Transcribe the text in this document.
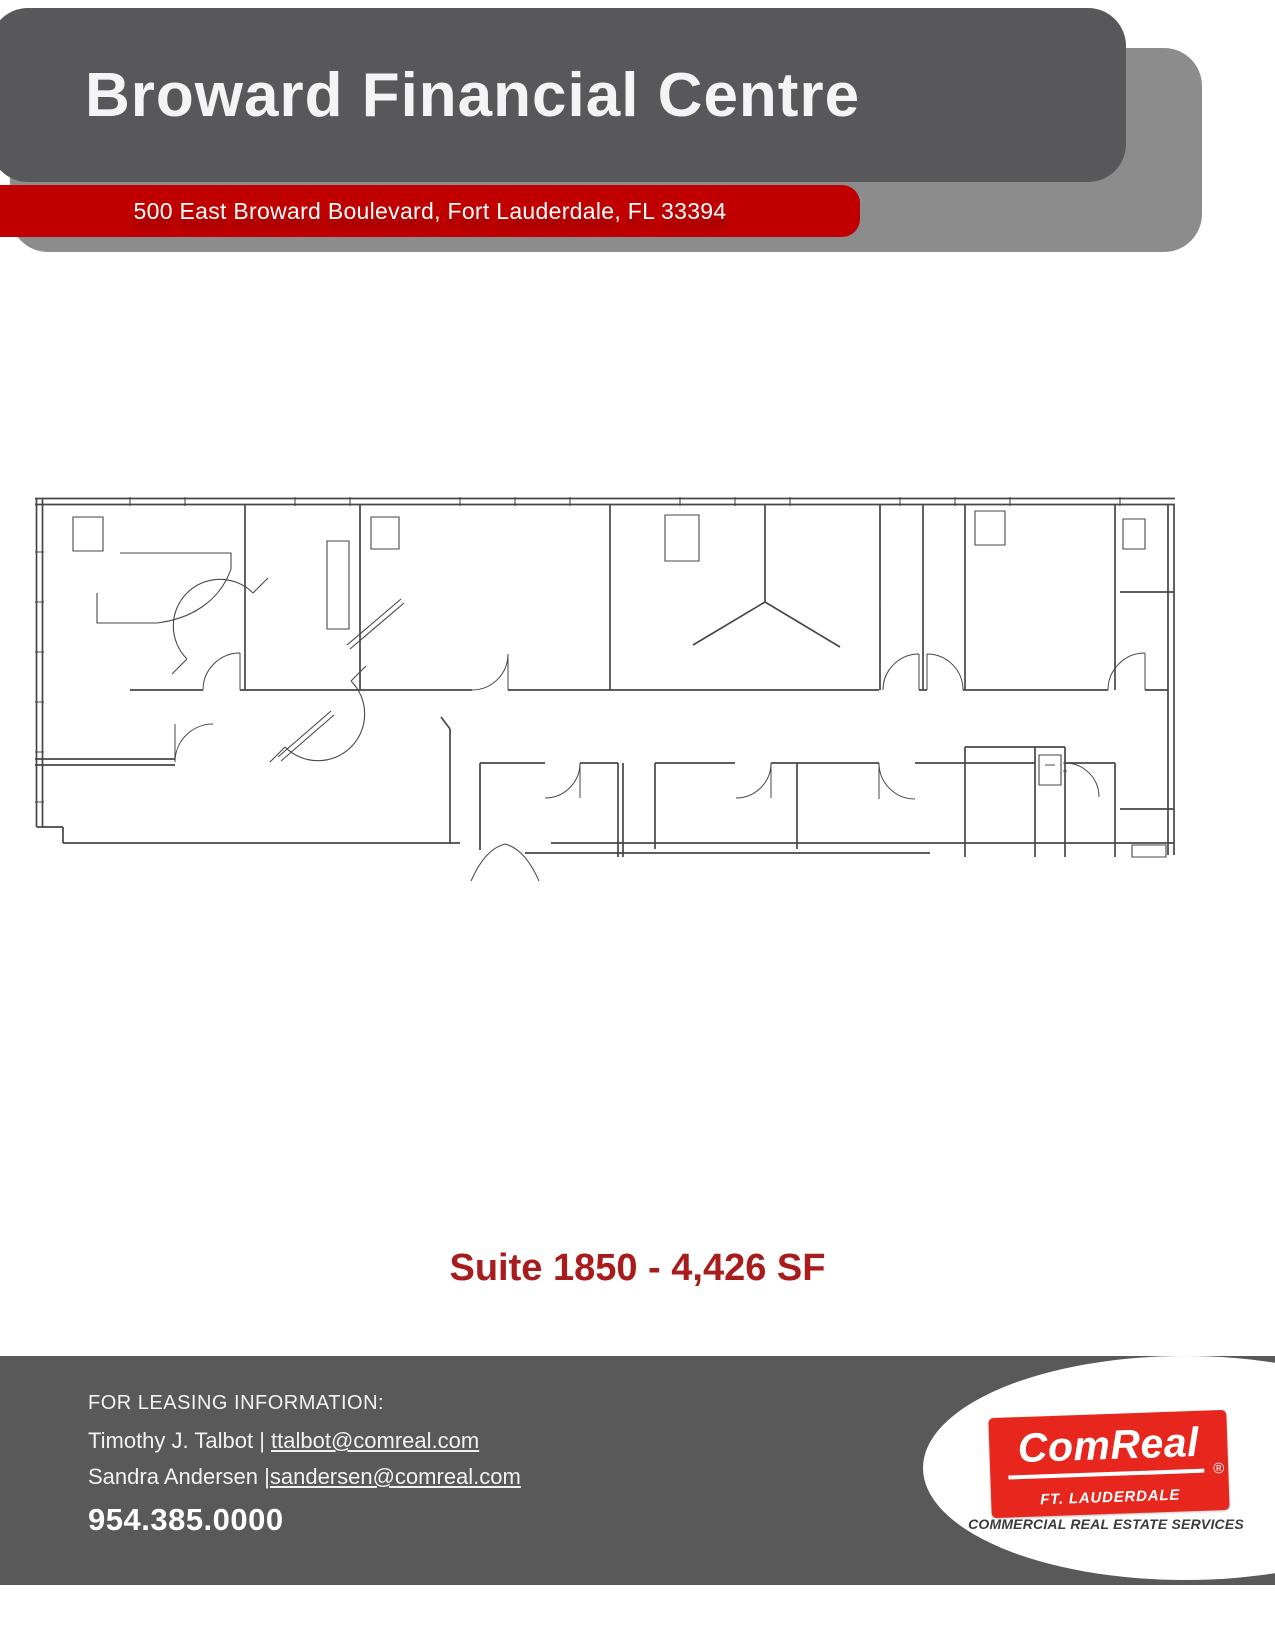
500 East Broward Boulevard, Fort Lauderdale, FL 33394
Broward Financial Centre
Suite 1850 - 4,426 SF
FOR LEASING INFORMATION:
Timothy J. Talbot | ttalbot@comreal.com
Sandra Andersen |sandersen@comreal.com
954.385.0000
ComReal ®
FT. LAUDERDALE
COMMERCIAL REAL ESTATE SERVICES
